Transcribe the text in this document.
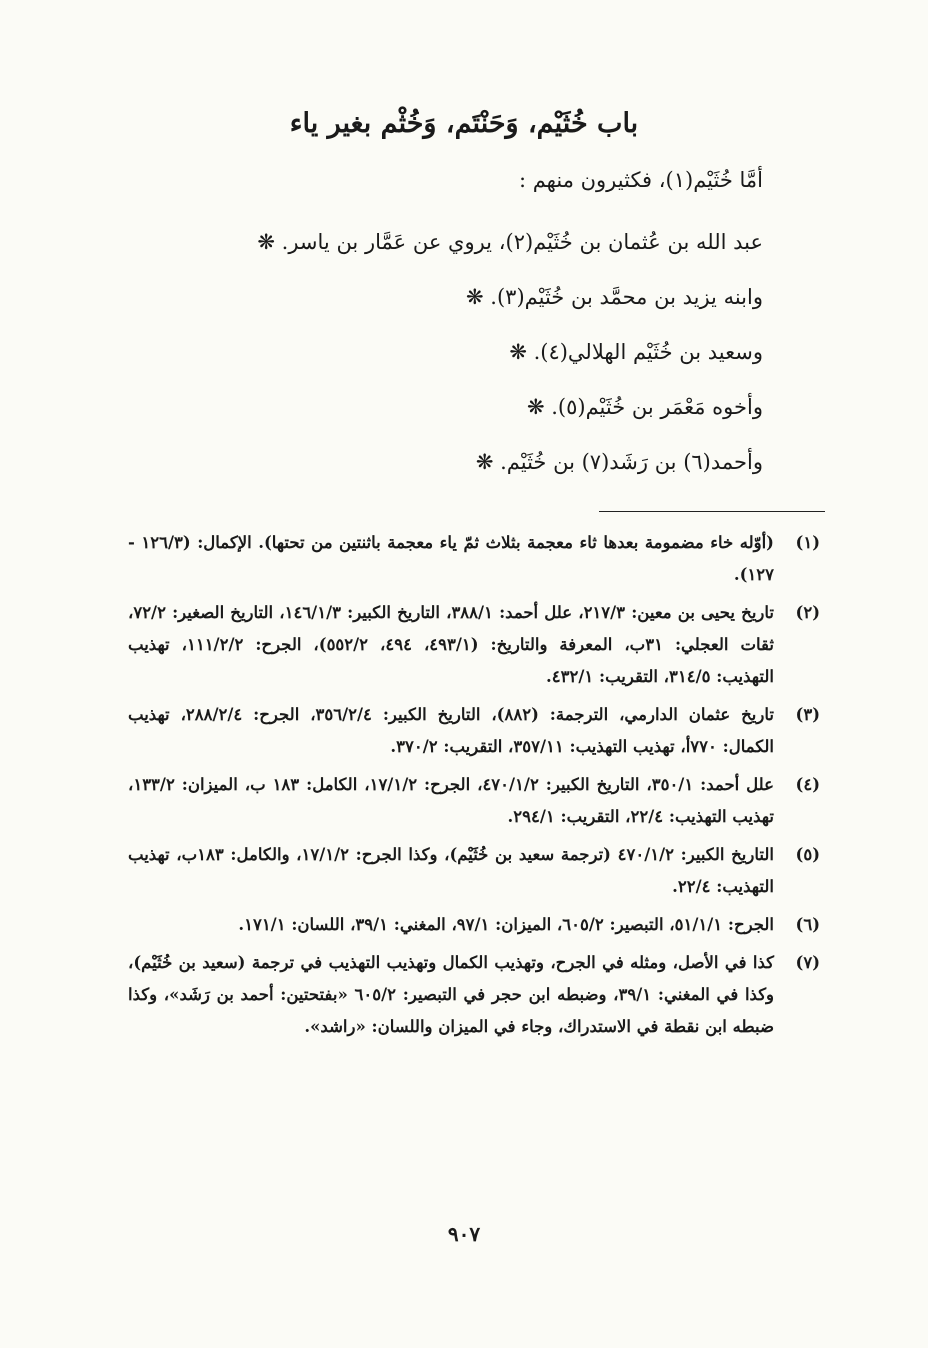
باب خُثَيْم، وَحَنْتَم، وَخُثْم بغير ياء

أمَّا خُثَيْم(١)، فكثيرون منهم :

عبد الله بن عُثمان بن خُثَيْم(٢)، يروي عن عَمَّار بن ياسر. ❋
وابنه يزيد بن محمَّد بن خُثَيْم(٣). ❋
وسعيد بن خُثَيْم الهلالي(٤). ❋
وأخوه مَعْمَر بن خُثَيْم(٥). ❋
وأحمد(٦) بن رَشَد(٧) بن خُثَيْم. ❋
(١)
(أوّله خاء مضمومة بعدها ثاء معجمة بثلاث ثمّ ياء معجمة باثنتين من تحتها). الإكمال: (١٢٦/٣ - ١٢٧).
(٢)
تاريخ يحيى بن معين: ٢١٧/٣، علل أحمد: ٣٨٨/١، التاريخ الكبير: ١٤٦/١/٣، التاريخ الصغير: ٧٢/٢، ثقات العجلي: ٣١ب، المعرفة والتاريخ: (٤٩٣/١، ٤٩٤، ٥٥٢/٢)، الجرح: ١١١/٢/٢، تهذيب التهذيب: ٣١٤/٥، التقريب: ٤٣٢/١.
(٣)
تاريخ عثمان الدارمي، الترجمة: (٨٨٢)، التاريخ الكبير: ٣٥٦/٢/٤، الجرح: ٢٨٨/٢/٤، تهذيب الكمال: ٧٧٠أ، تهذيب التهذيب: ٣٥٧/١١، التقريب: ٣٧٠/٢.
(٤)
علل أحمد: ٣٥٠/١، التاريخ الكبير: ٤٧٠/١/٢، الجرح: ١٧/١/٢، الكامل: ١٨٣ ب، الميزان: ١٣٣/٢، تهذيب التهذيب: ٢٢/٤، التقريب: ٢٩٤/١.
(٥)
التاريخ الكبير: ٤٧٠/١/٢ (ترجمة سعيد بن خُثَيْم)، وكذا الجرح: ١٧/١/٢، والكامل: ١٨٣ب، تهذيب التهذيب: ٢٢/٤.
(٦)
الجرح: ٥١/١/١، التبصير: ٦٠٥/٢، الميزان: ٩٧/١، المغني: ٣٩/١، اللسان: ١٧١/١.
(٧)
كذا في الأصل، ومثله في الجرح، وتهذيب الكمال وتهذيب التهذيب في ترجمة (سعيد بن خُثَيْم)، وكذا في المغني: ٣٩/١، وضبطه ابن حجر في التبصير: ٦٠٥/٢ «بفتحتين: أحمد بن رَشَد»، وكذا ضبطه ابن نقطة في الاستدراك، وجاء في الميزان واللسان: «راشد».

٩٠٧
